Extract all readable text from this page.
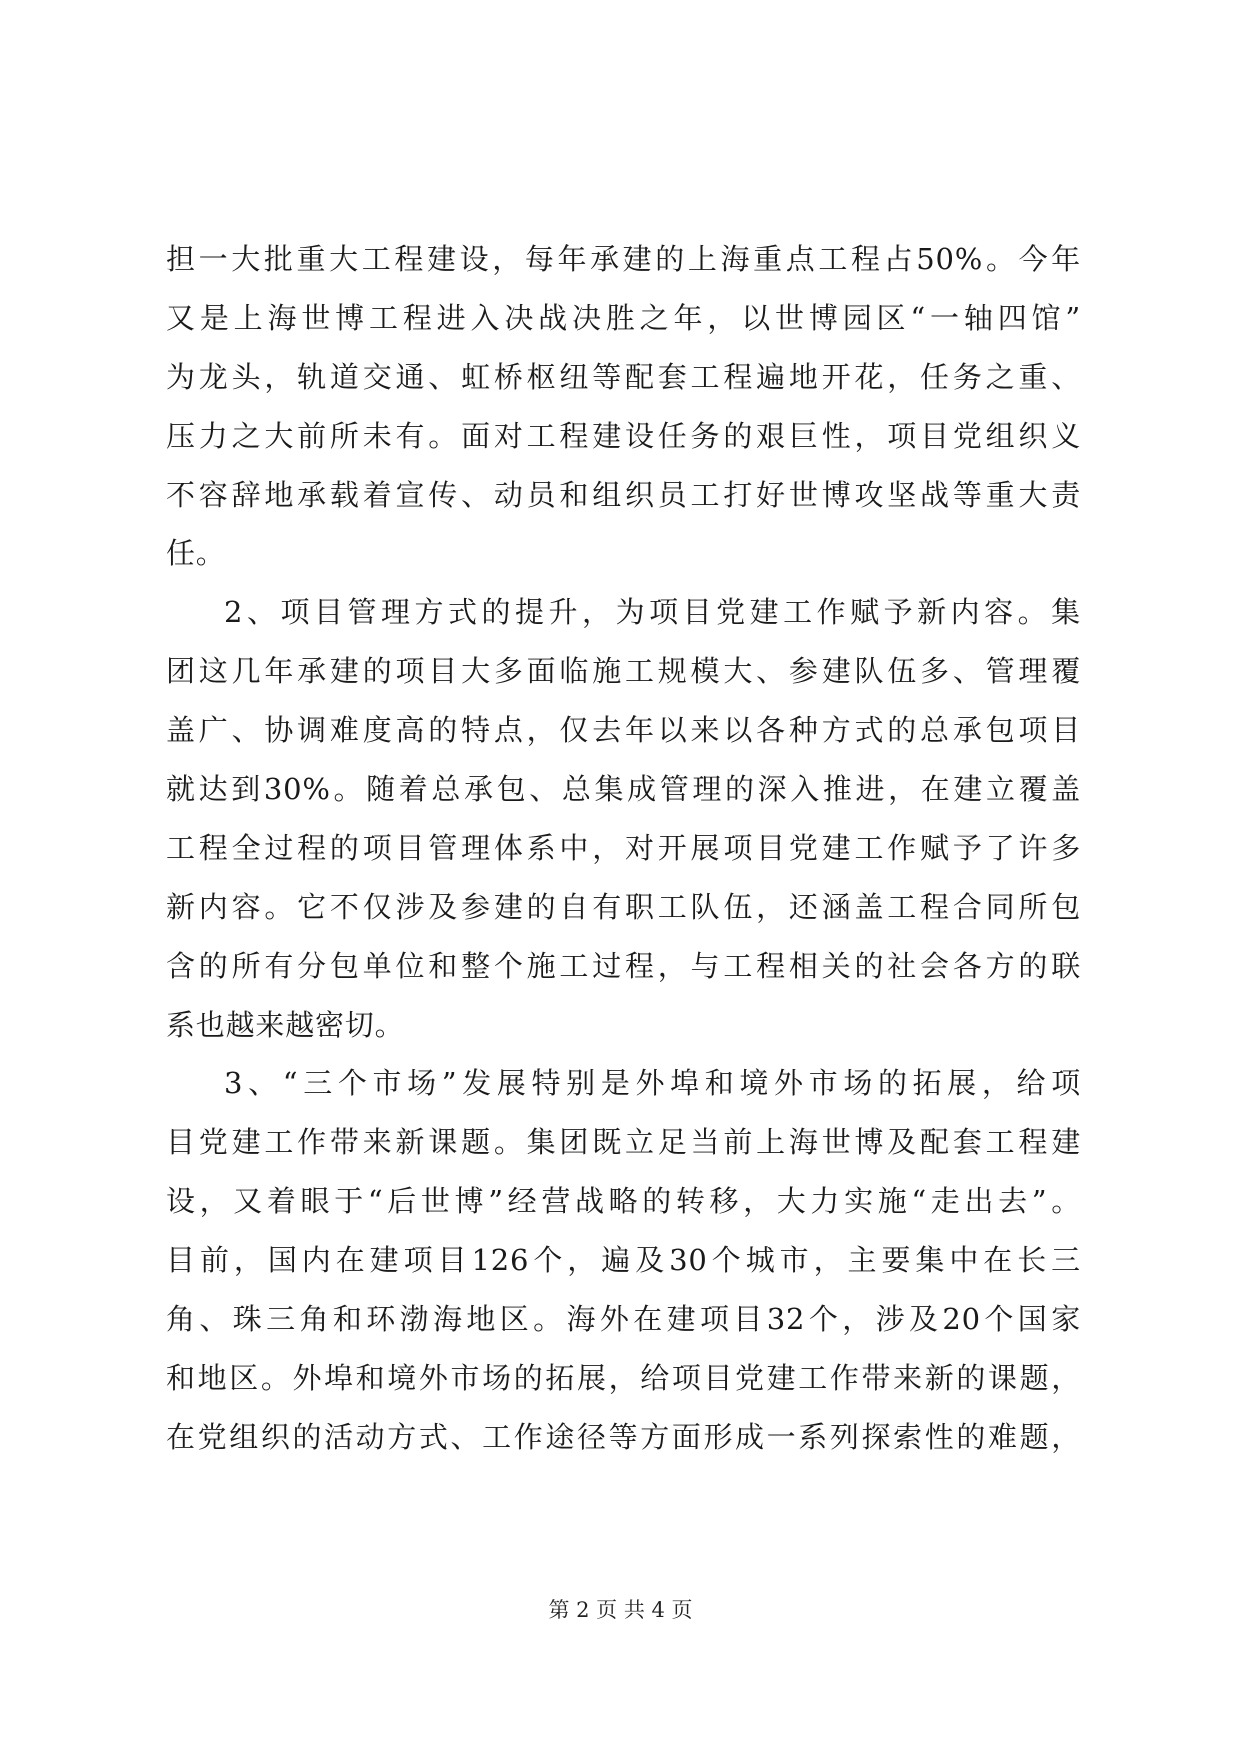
担一大批重大工程建设，每年承建的上海重点工程占50%。今年
又是上海世博工程进入决战决胜之年，以世博园区“一轴四馆”
为龙头，轨道交通、虹桥枢纽等配套工程遍地开花，任务之重、
压力之大前所未有。面对工程建设任务的艰巨性，项目党组织义
不容辞地承载着宣传、动员和组织员工打好世博攻坚战等重大责
任。
2、项目管理方式的提升，为项目党建工作赋予新内容。集
团这几年承建的项目大多面临施工规模大、参建队伍多、管理覆
盖广、协调难度高的特点，仅去年以来以各种方式的总承包项目
就达到30%。随着总承包、总集成管理的深入推进，在建立覆盖
工程全过程的项目管理体系中，对开展项目党建工作赋予了许多
新内容。它不仅涉及参建的自有职工队伍，还涵盖工程合同所包
含的所有分包单位和整个施工过程，与工程相关的社会各方的联
系也越来越密切。
3、“三个市场”发展特别是外埠和境外市场的拓展，给项
目党建工作带来新课题。集团既立足当前上海世博及配套工程建
设，又着眼于“后世博”经营战略的转移，大力实施“走出去”。
目前，国内在建项目126个，遍及30个城市，主要集中在长三
角、珠三角和环渤海地区。海外在建项目32个，涉及20个国家
和地区。外埠和境外市场的拓展，给项目党建工作带来新的课题，
在党组织的活动方式、工作途径等方面形成一系列探索性的难题，
第 2 页 共 4 页
